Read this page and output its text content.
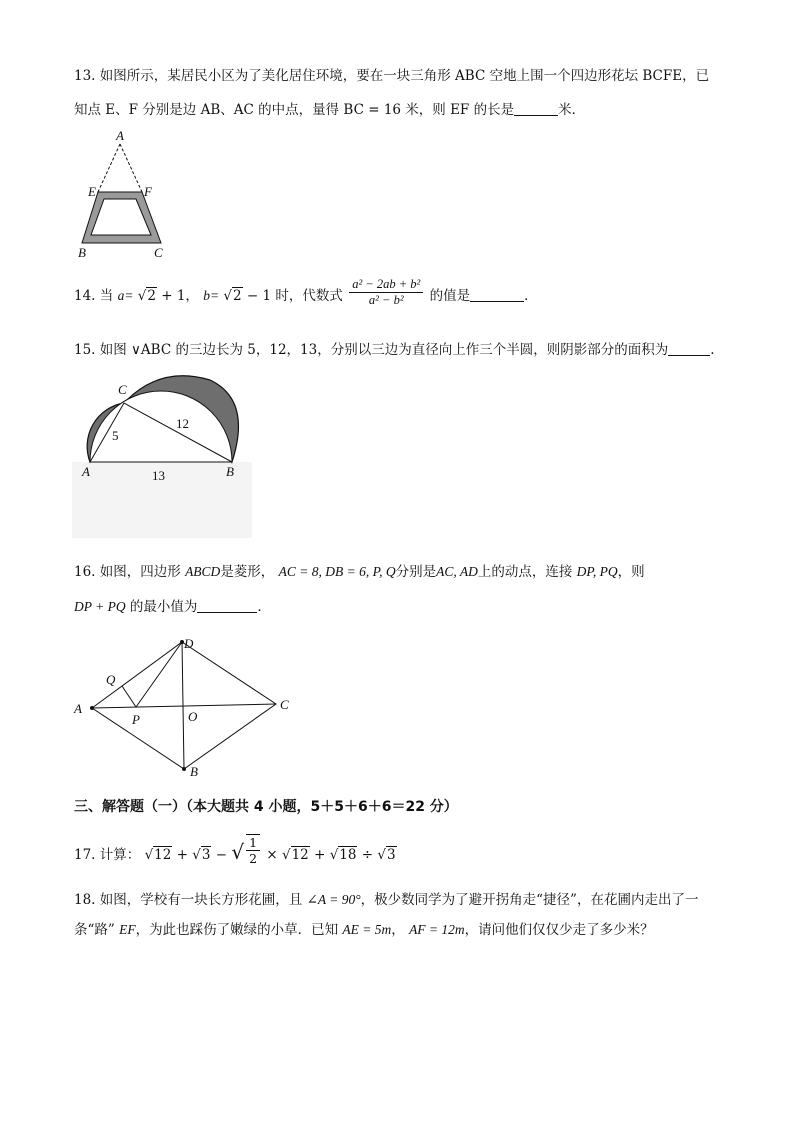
13. 如图所示，某居民小区为了美化居住环境，要在一块三角形 ABC 空地上围一个四边形花坛 BCFE，已
知点 E、F 分别是边 AB、AC 的中点，量得 BC = 16 米，则 EF 的长是	米．
A
E	F
B	C
14. 当 a= √2 + 1， b= √2 − 1 时，代数式 $\frac{\text{a² − 2ab + b²}}{\text{a² − b²}}$ 的值是	．
15. 如图 ∨ABC 的三边长为 5，12，13，分别以三边为直径向上作三个半圆，则阴影部分的面积为	.
C
A	B
5
12
13
16. 如图，四边形 ABCD是菱形， AC = 8, DB = 6, P, Q分别是AC, AD上的动点，连接 DP, PQ，则
DP + PQ 的最小值为	．
D
Q
A
P	O
C
B
三、解答题（一）（本大题共 4 小题，5＋5＋6＋6＝22 分）
17. 计算： √12 + √3 − √ $\frac{1}{2} \times √12 + √18 \div √3$
18. 如图，学校有一块长方形花圃，且 ∠A = 90°，极少数同学为了避开拐角走“捷径”，在花圃内走出了一
条“路” EF，为此也踩伤了嫩绿的小草．已知 AE = 5m， AF = 12m，请问他们仅仅少走了多少米？
